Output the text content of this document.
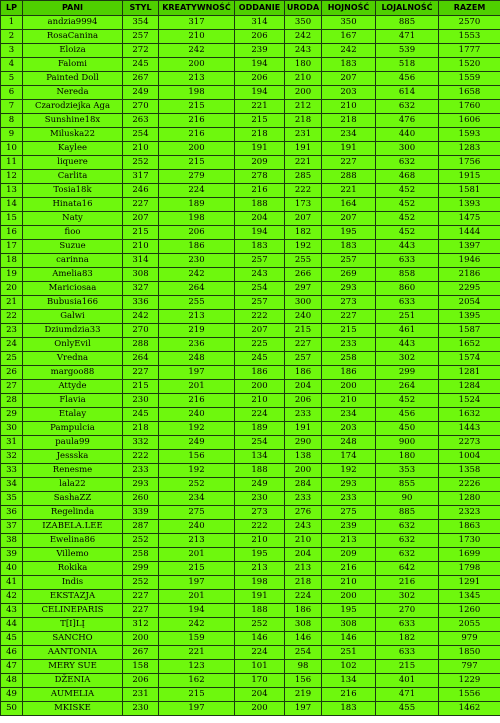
LP	PANI	STYL	KREATYWNOŚĆ	ODDANIE	URODA	HOJNOŚĆ	LOJALNOŚĆ	RAZEM
1	andzia9994	354	317	314	350	350	885	2570
2	RosaCanina	257	210	206	242	167	471	1553
3	Eloiza	272	242	239	243	242	539	1777
4	Falomi	245	200	194	180	183	518	1520
5	Painted Doll	267	213	206	210	207	456	1559
6	Nereda	249	198	194	200	203	614	1658
7	Czarodziejka Aga	270	215	221	212	210	632	1760
8	Sunshine18x	263	216	215	218	218	476	1606
9	Miluska22	254	216	218	231	234	440	1593
10	Kaylee	210	200	191	191	191	300	1283
11	liquere	252	215	209	221	227	632	1756
12	Carlita	317	279	278	285	288	468	1915
13	Tosia18k	246	224	216	222	221	452	1581
14	Hinata16	227	189	188	173	164	452	1393
15	Naty	207	198	204	207	207	452	1475
16	fioo	215	206	194	182	195	452	1444
17	Suzue	210	186	183	192	183	443	1397
18	carinna	314	230	257	255	257	633	1946
19	Amelia83	308	242	243	266	269	858	2186
20	Mariciosaa	327	264	254	297	293	860	2295
21	Bubusia166	336	255	257	300	273	633	2054
22	Galwi	242	213	222	240	227	251	1395
23	Dziumdzia33	270	219	207	215	215	461	1587
24	OnlyEvil	288	236	225	227	233	443	1652
25	Vredna	264	248	245	257	258	302	1574
26	margoo88	227	197	186	186	186	299	1281
27	Attyde	215	201	200	204	200	264	1284
28	Flavia	230	216	210	206	210	452	1524
29	Etalay	245	240	224	233	234	456	1632
30	Pampulcia	218	192	189	191	203	450	1443
31	paula99	332	249	254	290	248	900	2273
32	Jessska	222	156	134	138	174	180	1004
33	Renesme	233	192	188	200	192	353	1358
34	lala22	293	252	249	284	293	855	2226
35	SashaZZ	260	234	230	233	233	90	1280
36	Regelinda	339	275	273	276	275	885	2323
37	IZABELA.LEE	287	240	222	243	239	632	1863
38	Ewelina86	252	213	210	210	213	632	1730
39	Villemo	258	201	195	204	209	632	1699
40	Rokika	299	215	213	213	216	642	1798
41	Indis	252	197	198	218	210	216	1291
42	EKSTAZJA	227	201	191	224	200	302	1345
43	CELINEPARIS	227	194	188	186	195	270	1260
44	T[I]LĮ	312	242	252	308	308	633	2055
45	SANCHO	200	159	146	146	146	182	979
46	AANTONIA	267	221	224	254	251	633	1850
47	MERY SUE	158	123	101	98	102	215	797
48	DŽENIA	206	162	170	156	134	401	1229
49	AUMELIA	231	215	204	219	216	471	1556
50	MKISKE	230	197	200	197	183	455	1462
